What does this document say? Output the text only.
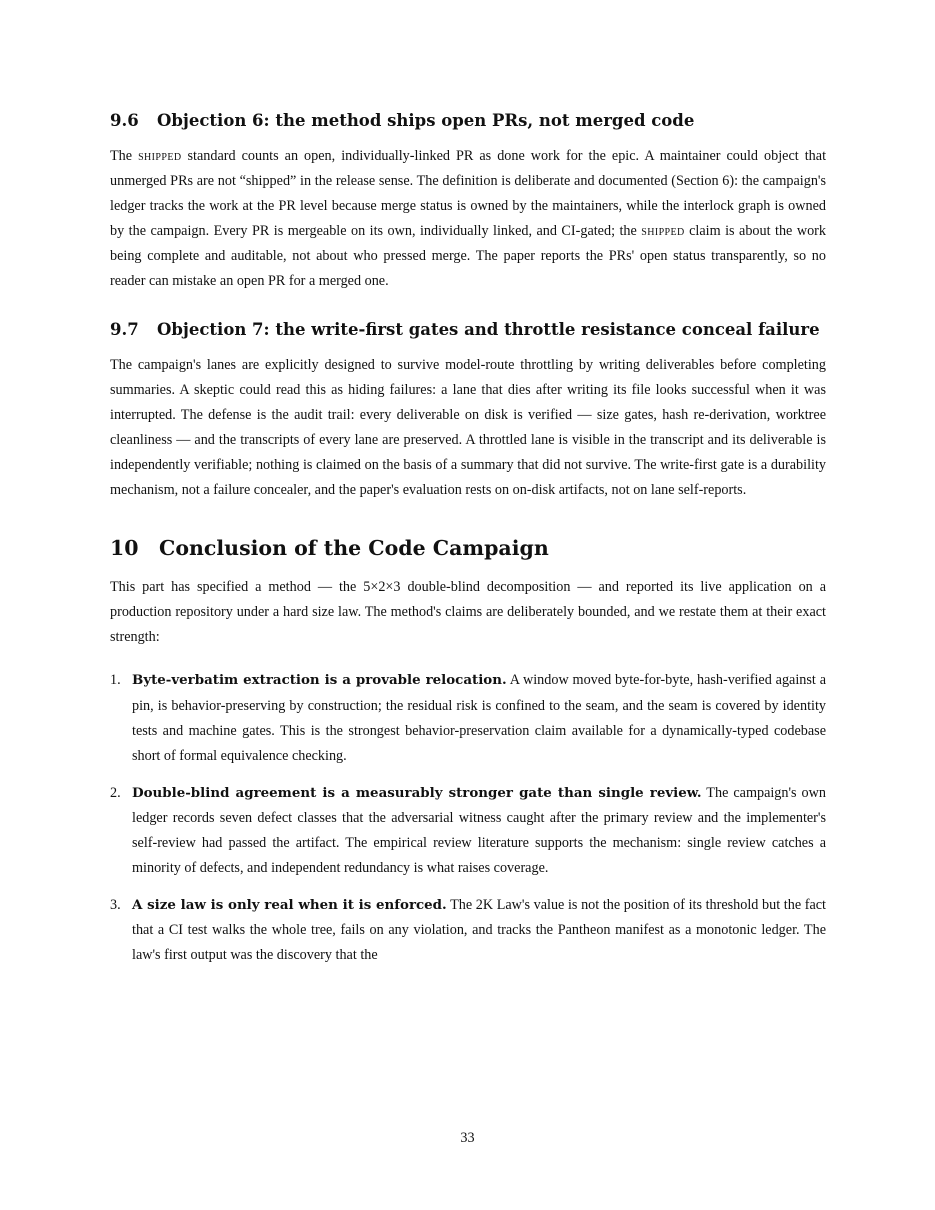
9.6 Objection 6: the method ships open PRs, not merged code

The shipped standard counts an open, individually-linked PR as done work for the epic. A maintainer could object that unmerged PRs are not “shipped” in the release sense. The definition is deliberate and documented (Section 6): the campaign's ledger tracks the work at the PR level because merge status is owned by the maintainers, while the interlock graph is owned by the campaign. Every PR is mergeable on its own, individually linked, and CI-gated; the shipped claim is about the work being complete and auditable, not about who pressed merge. The paper reports the PRs' open status transparently, so no reader can mistake an open PR for a merged one.

9.7 Objection 7: the write-first gates and throttle resistance conceal failure

The campaign's lanes are explicitly designed to survive model-route throttling by writing deliverables before completing summaries. A skeptic could read this as hiding failures: a lane that dies after writing its file looks successful when it was interrupted. The defense is the audit trail: every deliverable on disk is verified — size gates, hash re-derivation, worktree cleanliness — and the transcripts of every lane are preserved. A throttled lane is visible in the transcript and its deliverable is independently verifiable; nothing is claimed on the basis of a summary that did not survive. The write-first gate is a durability mechanism, not a failure concealer, and the paper's evaluation rests on on-disk artifacts, not on lane self-reports.

10 Conclusion of the Code Campaign

This part has specified a method — the 5×2×3 double-blind decomposition — and reported its live application on a production repository under a hard size law. The method's claims are deliberately bounded, and we restate them at their exact strength:

1. Byte-verbatim extraction is a provable relocation. A window moved byte-for-byte, hash-verified against a pin, is behavior-preserving by construction; the residual risk is confined to the seam, and the seam is covered by identity tests and machine gates. This is the strongest behavior-preservation claim available for a dynamically-typed codebase short of formal equivalence checking.

2. Double-blind agreement is a measurably stronger gate than single review. The campaign's own ledger records seven defect classes that the adversarial witness caught after the primary review and the implementer's self-review had passed the artifact. The empirical review literature supports the mechanism: single review catches a minority of defects, and independent redundancy is what raises coverage.

3. A size law is only real when it is enforced. The 2K Law's value is not the position of its threshold but the fact that a CI test walks the whole tree, fails on any violation, and tracks the Pantheon manifest as a monotonic ledger. The law's first output was the discovery that the

33
